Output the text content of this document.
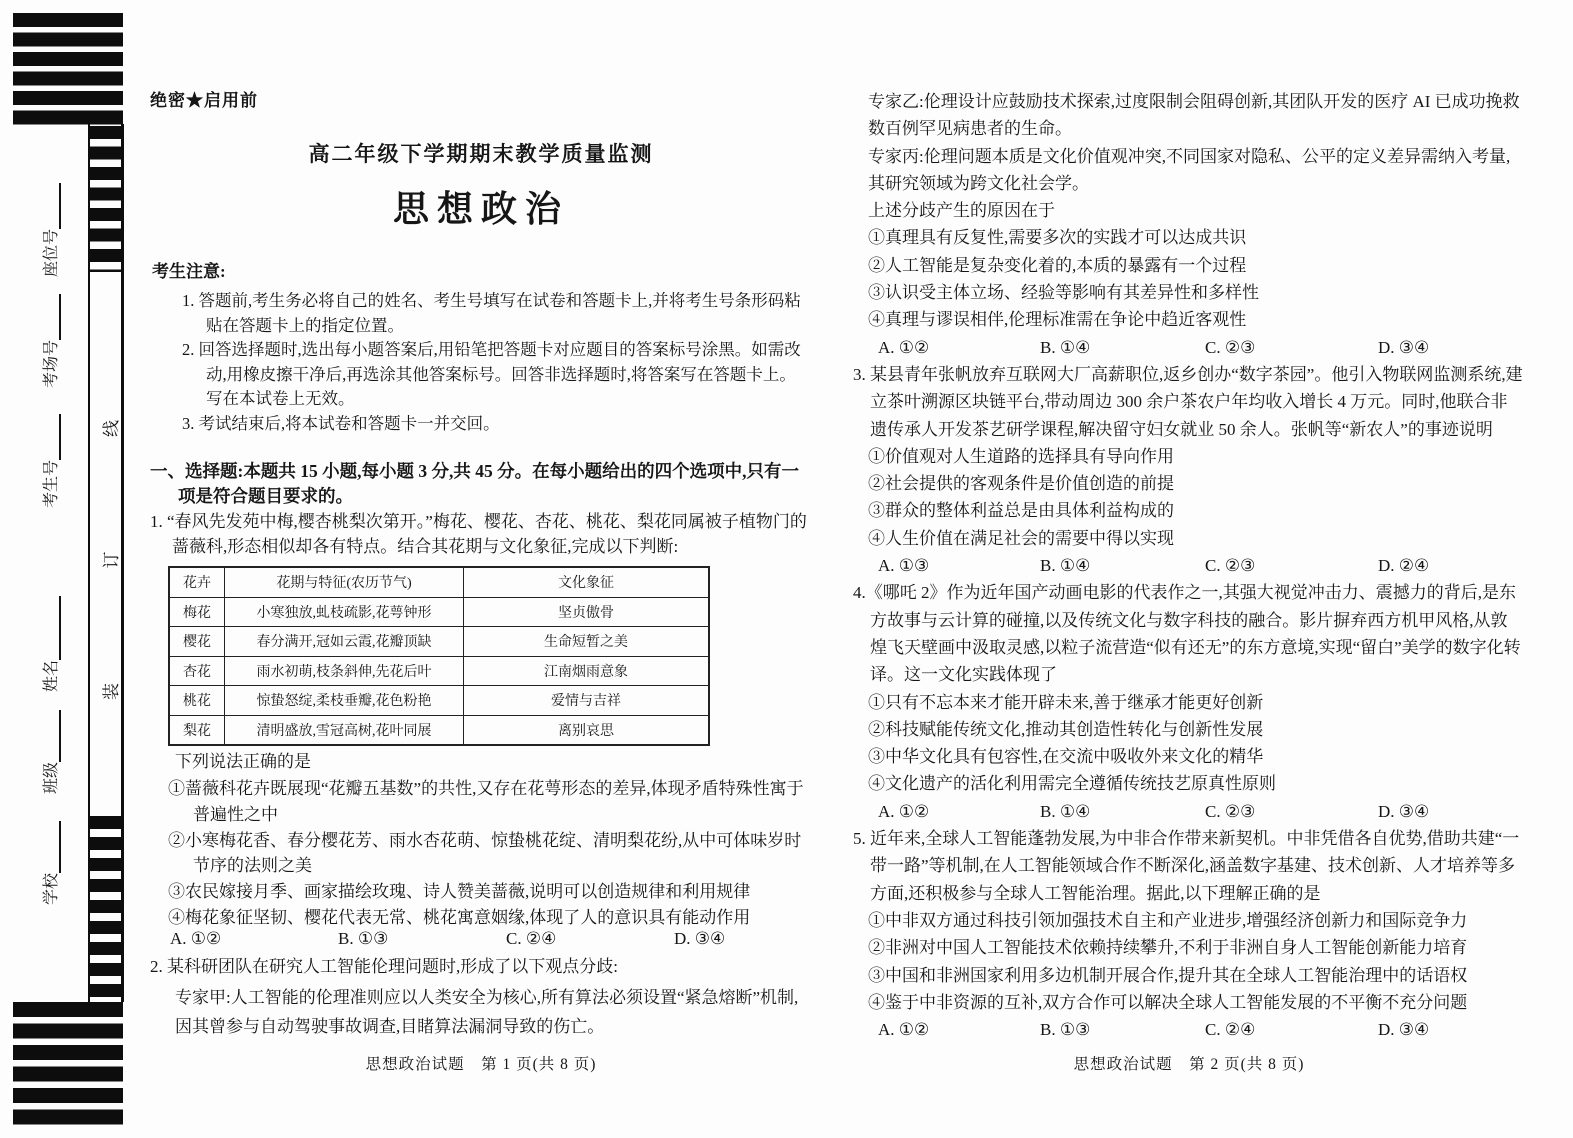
装
订
线
座位号
考场号
考生号
姓名
班级
学校
绝密★启用前
高二年级下学期期末教学质量监测
思想政治
考生注意:
1. 答题前,考生务必将自己的姓名、考生号填写在试卷和答题卡上,并将考生号条形码粘贴在答题卡上的指定位置。
2. 回答选择题时,选出每小题答案后,用铅笔把答题卡对应题目的答案标号涂黑。如需改动,用橡皮擦干净后,再选涂其他答案标号。回答非选择题时,将答案写在答题卡上。写在本试卷上无效。
3. 考试结束后,将本试卷和答题卡一并交回。
一、选择题:本题共 15 小题,每小题 3 分,共 45 分。在每小题给出的四个选项中,只有一项是符合题目要求的。
1. “春风先发苑中梅,樱杏桃梨次第开。”梅花、樱花、杏花、桃花、梨花同属被子植物门的蔷薇科,形态相似却各有特点。结合其花期与文化象征,完成以下判断:
花卉	花期与特征(农历节气)	文化象征
梅花	小寒独放,虬枝疏影,花萼钟形	坚贞傲骨
樱花	春分满开,冠如云霞,花瓣顶缺	生命短暂之美
杏花	雨水初萌,枝条斜伸,先花后叶	江南烟雨意象
桃花	惊蛰怒绽,柔枝垂瓣,花色粉艳	爱情与吉祥
梨花	清明盛放,雪冠高树,花叶同展	离别哀思
下列说法正确的是
①蔷薇科花卉既展现“花瓣五基数”的共性,又存在花萼形态的差异,体现矛盾特殊性寓于普遍性之中
②小寒梅花香、春分樱花芳、雨水杏花萌、惊蛰桃花绽、清明梨花纷,从中可体味岁时节序的法则之美
③农民嫁接月季、画家描绘玫瑰、诗人赞美蔷薇,说明可以创造规律和利用规律
④梅花象征坚韧、樱花代表无常、桃花寓意姻缘,体现了人的意识具有能动作用
A. ①②	B. ①③	C. ②④	D. ③④
2. 某科研团队在研究人工智能伦理问题时,形成了以下观点分歧:
专家甲:人工智能的伦理准则应以人类安全为核心,所有算法必须设置“紧急熔断”机制,因其曾参与自动驾驶事故调查,目睹算法漏洞导致的伤亡。
思想政治试题　第 1 页(共 8 页)
专家乙:伦理设计应鼓励技术探索,过度限制会阻碍创新,其团队开发的医疗 AI 已成功挽救数百例罕见病患者的生命。
专家丙:伦理问题本质是文化价值观冲突,不同国家对隐私、公平的定义差异需纳入考量,其研究领域为跨文化社会学。
上述分歧产生的原因在于
①真理具有反复性,需要多次的实践才可以达成共识
②人工智能是复杂变化着的,本质的暴露有一个过程
③认识受主体立场、经验等影响有其差异性和多样性
④真理与谬误相伴,伦理标准需在争论中趋近客观性
A. ①②	B. ①④	C. ②③	D. ③④
3. 某县青年张帆放弃互联网大厂高薪职位,返乡创办“数字茶园”。他引入物联网监测系统,建立茶叶溯源区块链平台,带动周边 300 余户茶农户年均收入增长 4 万元。同时,他联合非遗传承人开发茶艺研学课程,解决留守妇女就业 50 余人。张帆等“新农人”的事迹说明
①价值观对人生道路的选择具有导向作用
②社会提供的客观条件是价值创造的前提
③群众的整体利益总是由具体利益构成的
④人生价值在满足社会的需要中得以实现
A. ①③	B. ①④	C. ②③	D. ②④
4.《哪吒 2》作为近年国产动画电影的代表作之一,其强大视觉冲击力、震撼力的背后,是东方故事与云计算的碰撞,以及传统文化与数字科技的融合。影片摒弃西方机甲风格,从敦煌飞天壁画中汲取灵感,以粒子流营造“似有还无”的东方意境,实现“留白”美学的数字化转译。这一文化实践体现了
①只有不忘本来才能开辟未来,善于继承才能更好创新
②科技赋能传统文化,推动其创造性转化与创新性发展
③中华文化具有包容性,在交流中吸收外来文化的精华
④文化遗产的活化利用需完全遵循传统技艺原真性原则
A. ①②	B. ①④	C. ②③	D. ③④
5. 近年来,全球人工智能蓬勃发展,为中非合作带来新契机。中非凭借各自优势,借助共建“一带一路”等机制,在人工智能领域合作不断深化,涵盖数字基建、技术创新、人才培养等多方面,还积极参与全球人工智能治理。据此,以下理解正确的是
①中非双方通过科技引领加强技术自主和产业进步,增强经济创新力和国际竞争力
②非洲对中国人工智能技术依赖持续攀升,不利于非洲自身人工智能创新能力培育
③中国和非洲国家利用多边机制开展合作,提升其在全球人工智能治理中的话语权
④鉴于中非资源的互补,双方合作可以解决全球人工智能发展的不平衡不充分问题
A. ①②	B. ①③	C. ②④	D. ③④
思想政治试题　第 2 页(共 8 页)
